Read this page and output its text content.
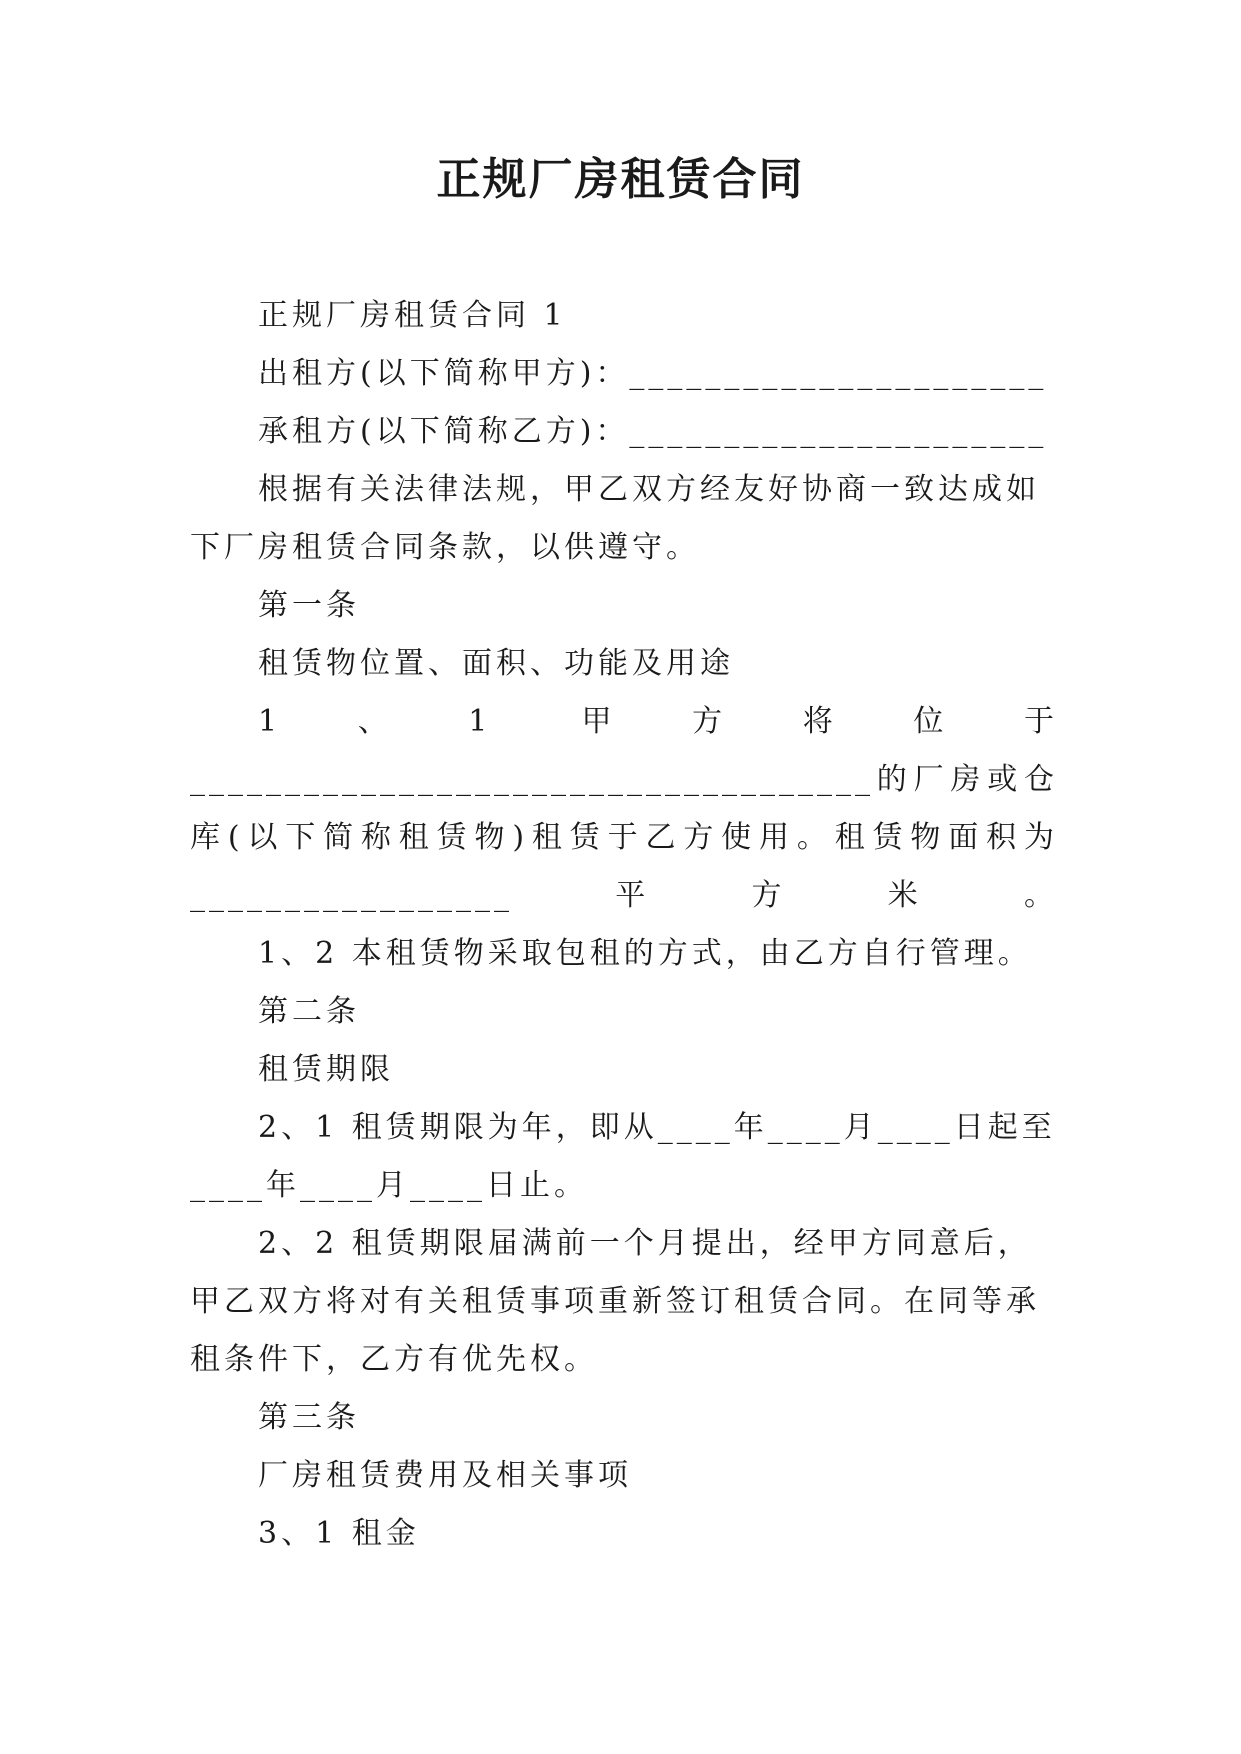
正规厂房租赁合同

正规厂房租赁合同 1

出租方(以下简称甲方)：______________________

承租方(以下简称乙方)：______________________

根据有关法律法规，甲乙双方经友好协商一致达成如下厂房租赁合同条款，以供遵守。

第一条

租赁物位置、面积、功能及用途

1、1 甲方将位于____________________________________的厂房或仓库(以下简称租赁物)租赁于乙方使用。租赁物面积为_________________平方米。

1、2 本租赁物采取包租的方式，由乙方自行管理。

第二条

租赁期限

2、1 租赁期限为年，即从____年____月____日起至____年____月____日止。

2、2 租赁期限届满前一个月提出，经甲方同意后，甲乙双方将对有关租赁事项重新签订租赁合同。在同等承租条件下，乙方有优先权。

第三条

厂房租赁费用及相关事项

3、1 租金
